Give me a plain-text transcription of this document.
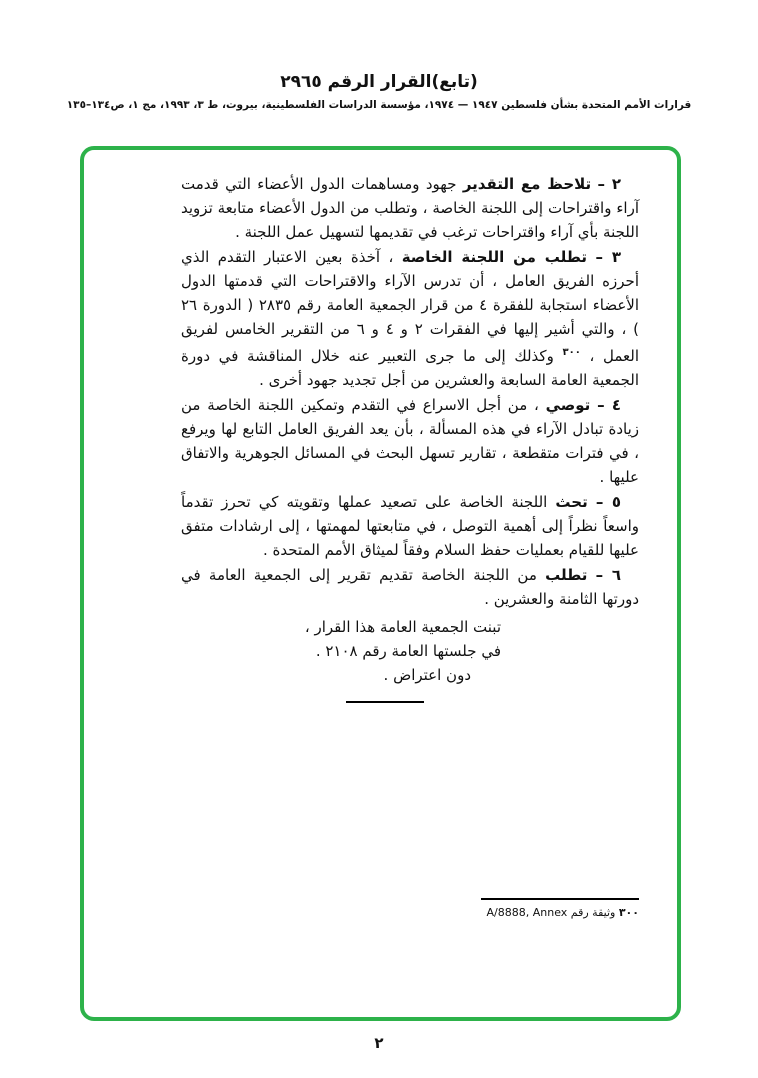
(تابع)القرار الرقم ٢٩٦٥
قرارات الأمم المتحدة بشأن فلسطين ١٩٤٧ — ١٩٧٤، مؤسسة الدراسات الفلسطينية، بيروت، ط ٣، ١٩٩٣، مج ١، ص١٣٤–١٣٥

٢ – تلاحظ مع التقدير جهود ومساهمات الدول الأعضاء التي قدمت آراء واقتراحات إلى اللجنة الخاصة ، وتطلب من الدول الأعضاء متابعة تزويد اللجنة بأي آراء واقتراحات ترغب في تقديمها لتسهيل عمل اللجنة .

٣ – تطلب من اللجنة الخاصة ، آخذة بعين الاعتبار التقدم الذي أحرزه الفريق العامل ، أن تدرس الآراء والاقتراحات التي قدمتها الدول الأعضاء استجابة للفقرة ٤ من قرار الجمعية العامة رقم ٢٨٣٥ ( الدورة ٢٦ ) ، والتي أشير إليها في الفقرات ٢ و ٤ و ٦ من التقرير الخامس لفريق العمل ، $^{٣٠٠}$ وكذلك إلى ما جرى التعبير عنه خلال المناقشة في دورة الجمعية العامة السابعة والعشرين من أجل تجديد جهود أخرى .

٤ – توصي ، من أجل الاسراع في التقدم وتمكين اللجنة الخاصة من زيادة تبادل الآراء في هذه المسألة ، بأن يعد الفريق العامل التابع لها ويرفع ، في فترات متقطعة ، تقارير تسهل البحث في المسائل الجوهرية والاتفاق عليها .

٥ – تحث اللجنة الخاصة على تصعيد عملها وتقويته كي تحرز تقدماً واسعاً نظراً إلى أهمية التوصل ، في متابعتها لمهمتها ، إلى ارشادات متفق عليها للقيام بعمليات حفظ السلام وفقاً لميثاق الأمم المتحدة .

٦ – تطلب من اللجنة الخاصة تقديم تقرير إلى الجمعية العامة في دورتها الثامنة والعشرين .

تبنت الجمعية العامة هذا القرار ،
في جلستها العامة رقم ٢١٠٨ .
دون اعتراض .
٣٠٠ وثيقة رقم A/8888, Annex
٢
